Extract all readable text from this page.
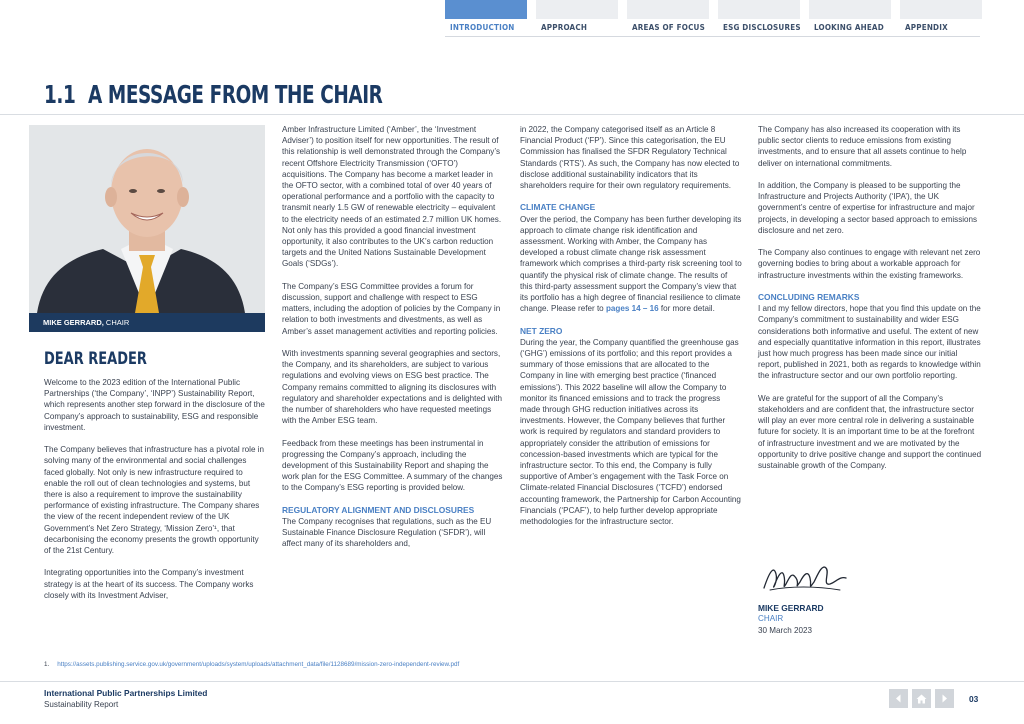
INTRODUCTION	APPROACH	AREAS OF FOCUS ESG DISCLOSURES LOOKING AHEAD	APPENDIX
1.1 A MESSAGE FROM THE CHAIR
MIKE GERRARD, CHAIR
DEAR READER

Welcome to the 2023 edition of the International Public Partnerships (‘the Company’, ‘INPP’) Sustainability Report, which represents another step forward in the disclosure of the Company’s approach to sustainability, ESG and responsible investment.

The Company believes that infrastructure has a pivotal role in solving many of the environmental and social challenges faced globally. Not only is new infrastructure required to enable the roll out of clean technologies and systems, but there is also a requirement to improve the sustainability performance of existing infrastructure. The Company shares the view of the recent independent review of the UK Government’s Net Zero Strategy, ‘Mission Zero’¹, that decarbonising the economy presents the growth opportunity of the 21st Century.

Integrating opportunities into the Company’s investment strategy is at the heart of its success. The Company works closely with its Investment Adviser,

Amber Infrastructure Limited (‘Amber’, the ‘Investment Adviser’) to position itself for new opportunities. The result of this relationship is well demonstrated through the Company’s recent Offshore Electricity Transmission (‘OFTO’) acquisitions. The Company has become a market leader in the OFTO sector, with a combined total of over 40 years of operational performance and a portfolio with the capacity to transmit nearly 1.5 GW of renewable electricity – equivalent to the electricity needs of an estimated 2.7 million UK homes. Not only has this provided a good financial investment opportunity, it also contributes to the UK’s carbon reduction targets and the United Nations Sustainable Development Goals (‘SDGs’).

The Company’s ESG Committee provides a forum for discussion, support and challenge with respect to ESG matters, including the adoption of policies by the Company in relation to both investments and divestments, as well as Amber’s asset management activities and reporting policies.

With investments spanning several geographies and sectors, the Company, and its shareholders, are subject to various regulations and evolving views on ESG best practice. The Company remains committed to aligning its disclosures with regulatory and shareholder expectations and is delighted with the number of shareholders who have requested meetings with the Amber ESG team.

Feedback from these meetings has been instrumental in progressing the Company’s approach, including the development of this Sustainability Report and shaping the work plan for the ESG Committee. A summary of the changes to the Company’s ESG reporting is provided below.

REGULATORY ALIGNMENT AND DISCLOSURES

The Company recognises that regulations, such as the EU Sustainable Finance Disclosure Regulation (‘SFDR’), will affect many of its shareholders and,

in 2022, the Company categorised itself as an Article 8 Financial Product (‘FP’). Since this categorisation, the EU Commission has finalised the SFDR Regulatory Technical Standards (‘RTS’). As such, the Company has now elected to disclose additional sustainability indicators that its shareholders require for their own regulatory requirements.

CLIMATE CHANGE

Over the period, the Company has been further developing its approach to climate change risk identification and assessment. Working with Amber, the Company has developed a robust climate change risk assessment framework which comprises a third-party risk screening tool to quantify the physical risk of climate change. The results of this third-party assessment support the Company’s view that its portfolio has a high degree of financial resilience to climate change. Please refer to pages 14 – 16 for more detail.

NET ZERO

During the year, the Company quantified the greenhouse gas (‘GHG’) emissions of its portfolio; and this report provides a summary of those emissions that are allocated to the Company in line with emerging best practice (‘financed emissions’). This 2022 baseline will allow the Company to monitor its financed emissions and to track the progress made through GHG reduction initiatives across its investments. However, the Company believes that further work is required by regulators and standard providers to appropriately consider the attribution of emissions for concession-based investments which are typical for the infrastructure sector. To this end, the Company is fully supportive of Amber’s engagement with the Task Force on Climate-related Financial Disclosures (‘TCFD’) endorsed accounting framework, the Partnership for Carbon Accounting Financials (‘PCAF’), to help further develop appropriate methodologies for the infrastructure sector.

The Company has also increased its cooperation with its public sector clients to reduce emissions from existing investments, and to ensure that all assets continue to help deliver on international commitments.

In addition, the Company is pleased to be supporting the Infrastructure and Projects Authority (‘IPA’), the UK government’s centre of expertise for infrastructure and major projects, in developing a sector based approach to emissions disclosure and net zero.

The Company also continues to engage with relevant net zero governing bodies to bring about a workable approach for infrastructure investments within the existing frameworks.

CONCLUDING REMARKS

I and my fellow directors, hope that you find this update on the Company’s commitment to sustainability and wider ESG considerations both informative and useful. The extent of new and especially quantitative information in this report, illustrates just how much progress has been made since our initial report, published in 2021, both as regards to knowledge within the infrastructure sector and our own portfolio reporting.

We are grateful for the support of all the Company’s stakeholders and are confident that, the infrastructure sector will play an ever more central role in delivering a sustainable future for society. It is an important time to be at the forefront of infrastructure investment and we are motivated by the opportunity to drive positive change and support the continued sustainable growth of the Company.

MIKE GERRARD
CHAIR
30 March 2023
1. https://assets.publishing.service.gov.uk/government/uploads/system/uploads/attachment_data/file/1128689/mission-zero-independent-review.pdf
International Public Partnerships Limited
Sustainability Report
03
